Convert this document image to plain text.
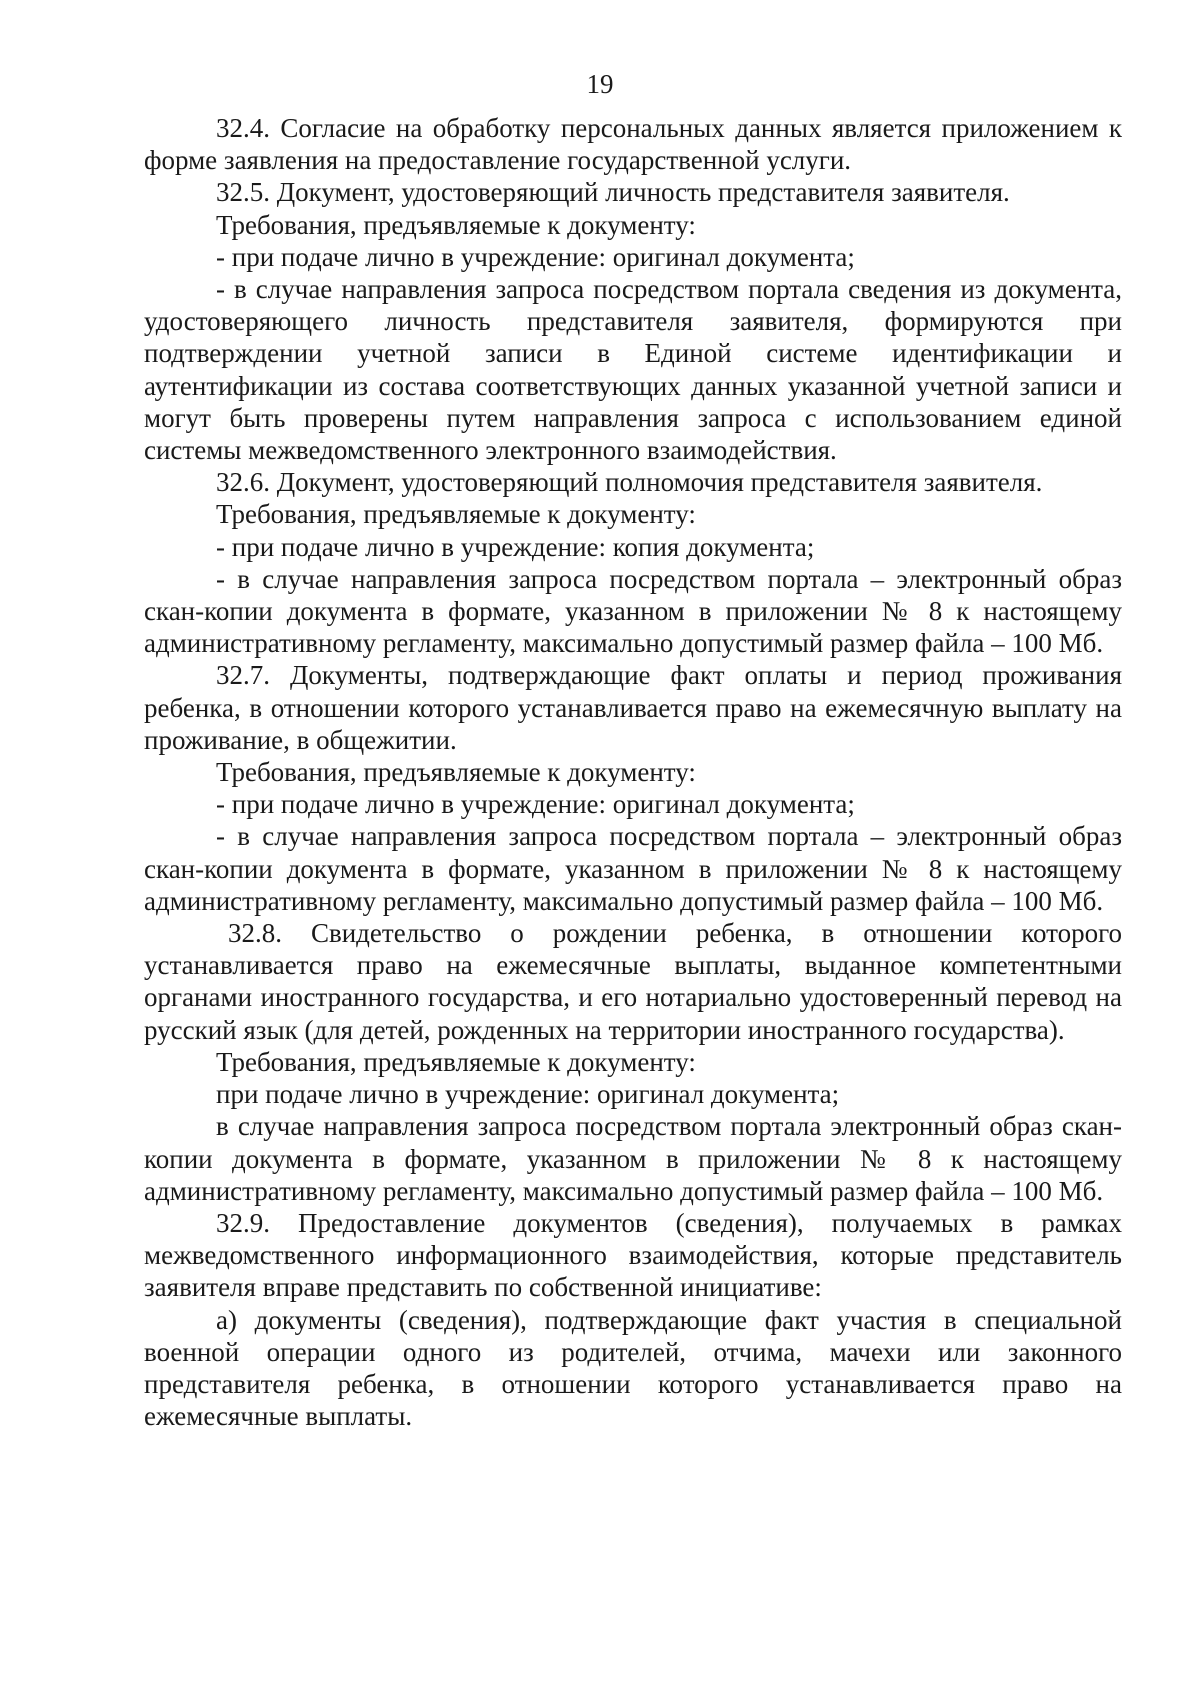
19

32.4. Согласие на обработку персональных данных является приложением к форме заявления на предоставление государственной услуги.

32.5. Документ, удостоверяющий личность представителя заявителя.

Требования, предъявляемые к документу:

- при подаче лично в учреждение: оригинал документа;

- в случае направления запроса посредством портала сведения из документа, удостоверяющего личность представителя заявителя, формируются при подтверждении учетной записи в Единой системе идентификации и аутентификации из состава соответствующих данных указанной учетной записи и могут быть проверены путем направления запроса с использованием единой системы межведомственного электронного взаимодействия.

32.6. Документ, удостоверяющий полномочия представителя заявителя.

Требования, предъявляемые к документу:

- при подаче лично в учреждение: копия документа;

- в случае направления запроса посредством портала – электронный образ скан-копии документа в формате, указанном в приложении № 8 к настоящему административному регламенту, максимально допустимый размер файла – 100 Мб.

32.7. Документы, подтверждающие факт оплаты и период проживания ребенка, в отношении которого устанавливается право на ежемесячную выплату на проживание, в общежитии.

Требования, предъявляемые к документу:

- при подаче лично в учреждение: оригинал документа;

- в случае направления запроса посредством портала – электронный образ скан-копии документа в формате, указанном в приложении № 8 к настоящему административному регламенту, максимально допустимый размер файла – 100 Мб.

32.8. Свидетельство о рождении ребенка, в отношении которого устанавливается право на ежемесячные выплаты, выданное компетентными органами иностранного государства, и его нотариально удостоверенный перевод на русский язык (для детей, рожденных на территории иностранного государства).

Требования, предъявляемые к документу:

при подаче лично в учреждение: оригинал документа;

в случае направления запроса посредством портала электронный образ скан-копии документа в формате, указанном в приложении № 8 к настоящему административному регламенту, максимально допустимый размер файла – 100 Мб.

32.9. Предоставление документов (сведения), получаемых в рамках межведомственного информационного взаимодействия, которые представитель заявителя вправе представить по собственной инициативе:

а) документы (сведения), подтверждающие факт участия в специальной военной операции одного из родителей, отчима, мачехи или законного представителя ребенка, в отношении которого устанавливается право на ежемесячные выплаты.
